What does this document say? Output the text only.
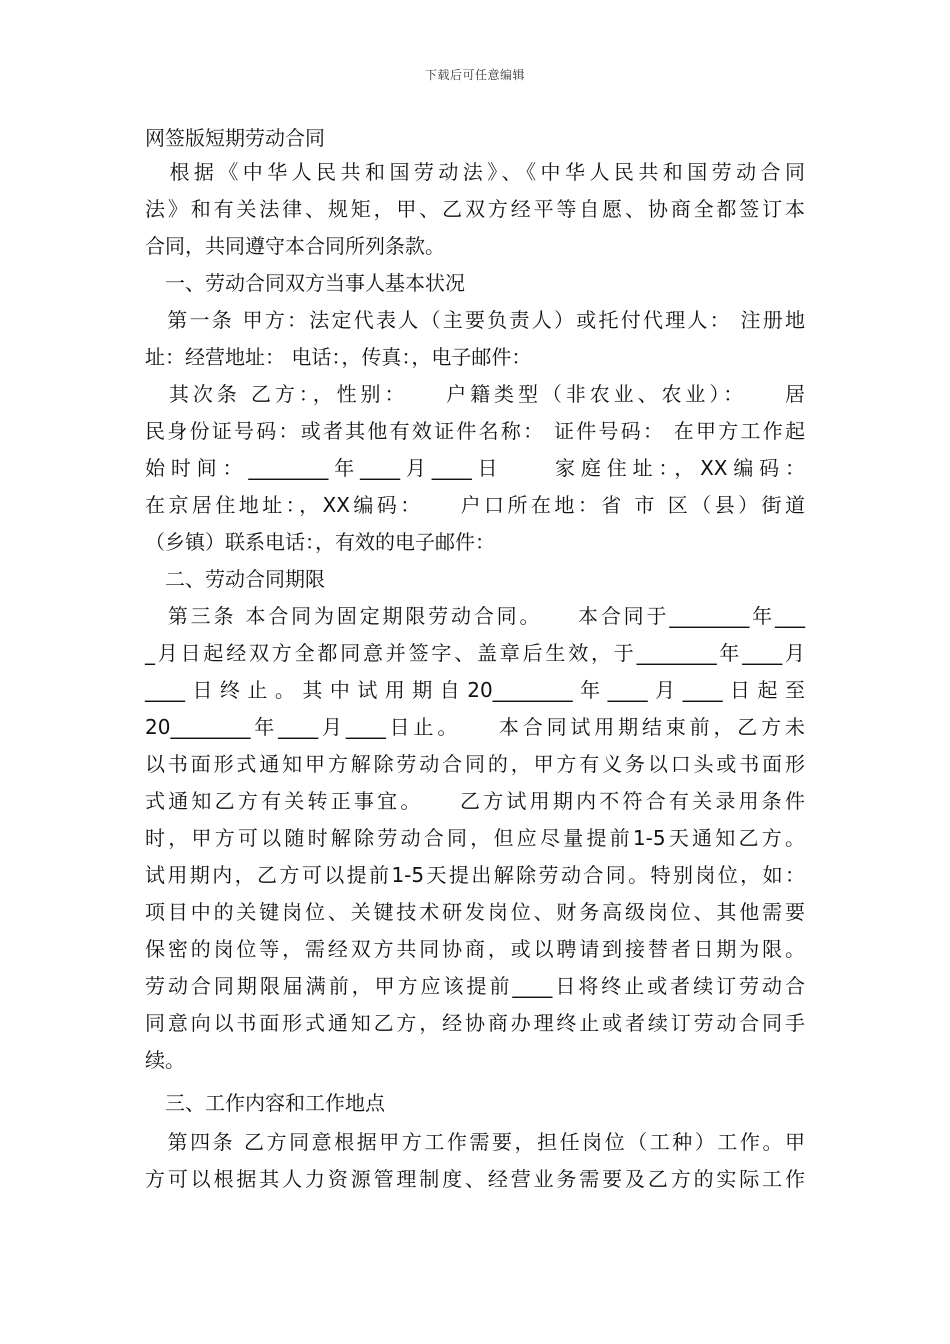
下载后可任意编辑
网签版短期劳动合同
　根据《中华人民共和国劳动法》、《中华人民共和国劳动合同
法》和有关法律、规矩，甲、乙双方经平等自愿、协商全都签订本
合同，共同遵守本合同所列条款。
　一、劳动合同双方当事人基本状况
　第一条 甲方：法定代表人（主要负责人）或托付代理人： 注册地
址：经营地址： 电话：，传真：，电子邮件：
　其次条 乙方：，性别：　　户籍类型（非农业、农业）：　　居
民身份证号码：或者其他有效证件名称： 证件号码： 在甲方工作起
始时间：________年____月____日　　家庭住址：，XX编码：
在京居住地址：，XX编码：　　户口所在地：省 市 区（县）街道
（乡镇）联系电话：，有效的电子邮件：
　二、劳动合同期限
　第三条 本合同为固定期限劳动合同。　　本合同于________年___
_月日起经双方全都同意并签字、盖章后生效，于________年____月
____日终止。其中试用期自20________年____月____日起至
20________年____月____日止。　　本合同试用期结束前，乙方未
以书面形式通知甲方解除劳动合同的，甲方有义务以口头或书面形
式通知乙方有关转正事宜。　　乙方试用期内不符合有关录用条件
时，甲方可以随时解除劳动合同，但应尽量提前1-5天通知乙方。
试用期内，乙方可以提前1-5天提出解除劳动合同。特别岗位，如：
项目中的关键岗位、关键技术研发岗位、财务高级岗位、其他需要
保密的岗位等，需经双方共同协商，或以聘请到接替者日期为限。
劳动合同期限届满前，甲方应该提前____日将终止或者续订劳动合
同意向以书面形式通知乙方，经协商办理终止或者续订劳动合同手
续。
　三、工作内容和工作地点
　第四条 乙方同意根据甲方工作需要，担任岗位（工种）工作。甲
方可以根据其人力资源管理制度、经营业务需要及乙方的实际工作
